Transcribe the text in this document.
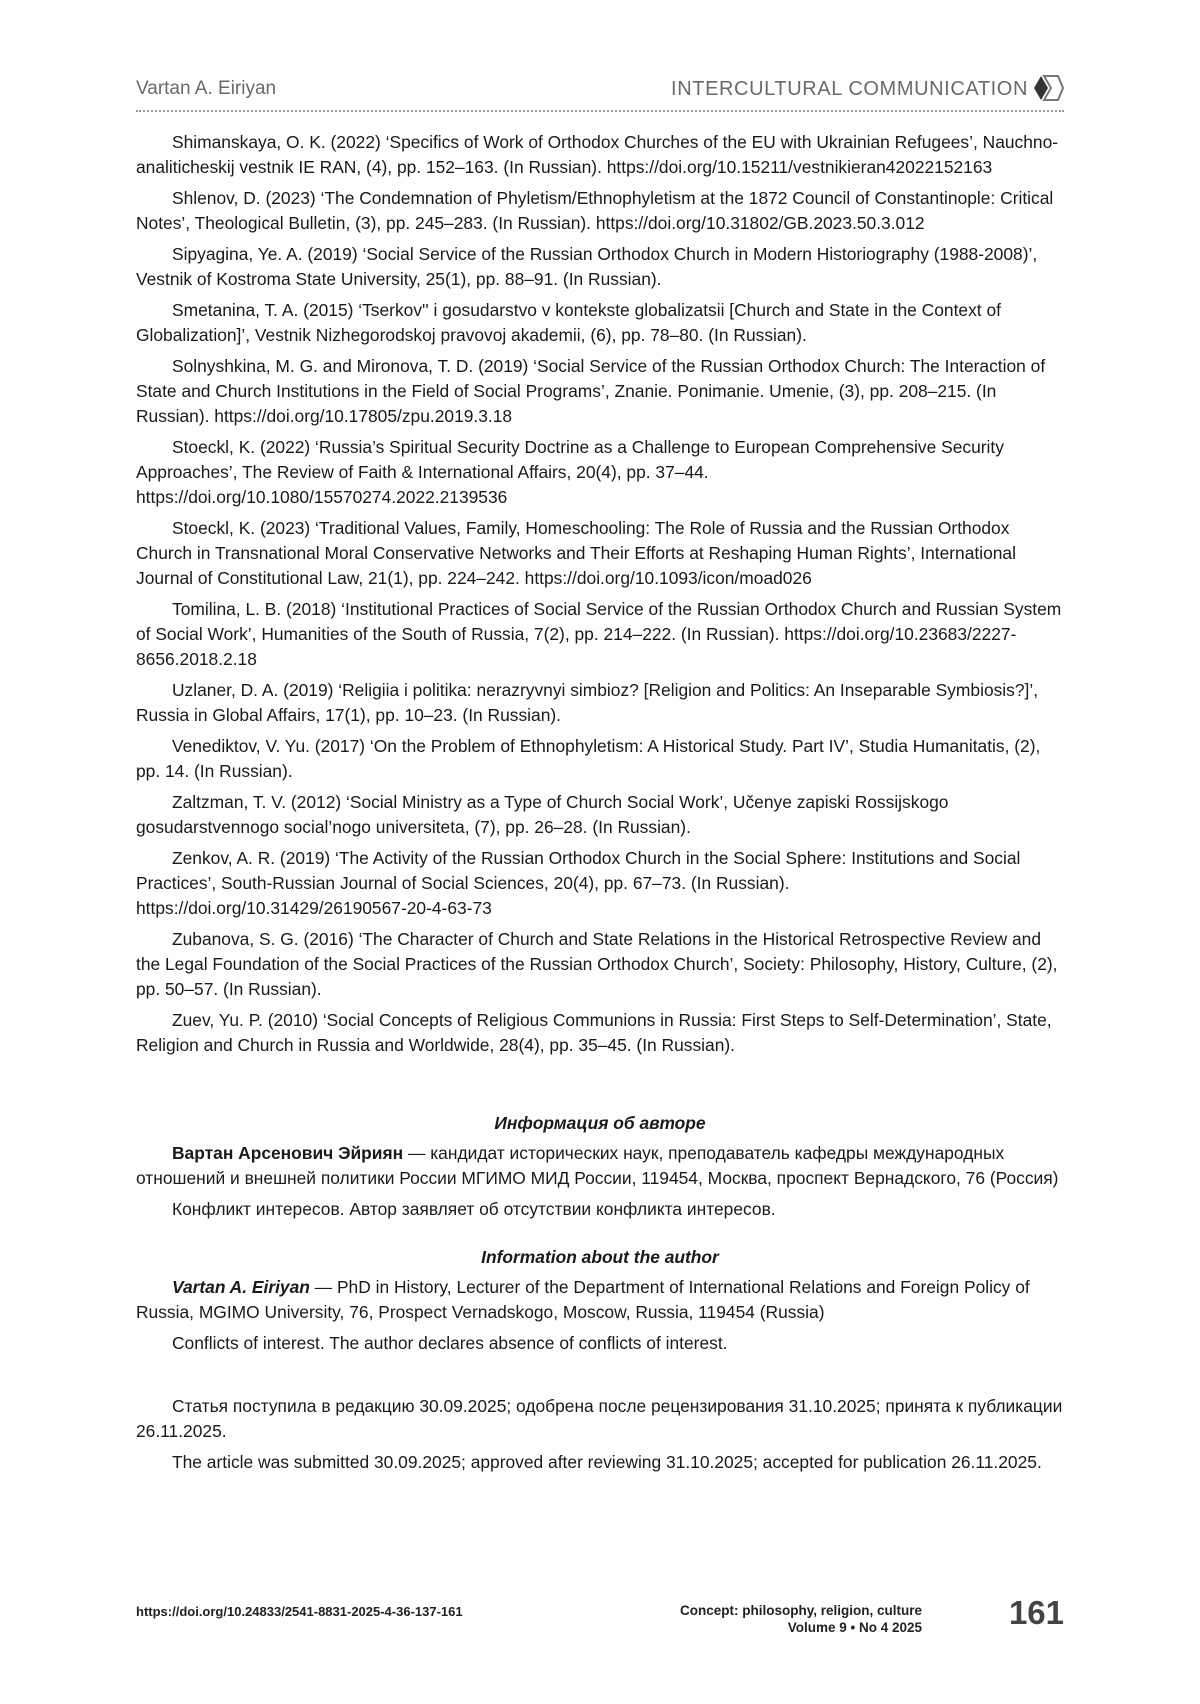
Vartan A. Eiriyan	INTERCULTURAL COMMUNICATION

Shimanskaya, O. K. (2022) ‘Specifics of Work of Orthodox Churches of the EU with Ukrainian Refugees’, Nauchno-analiticheskij vestnik IE RAN, (4), pp. 152–163. (In Russian). https://doi.org/10.15211/vestnikieran42022152163

Shlenov, D. (2023) ‘The Condemnation of Phyletism/Ethnophyletism at the 1872 Council of Constantinople: Critical Notes’, Theological Bulletin, (3), pp. 245–283. (In Russian). https://doi.org/10.31802/GB.2023.50.3.012

Sipyagina, Ye. A. (2019) ‘Social Service of the Russian Orthodox Church in Modern Historiography (1988-2008)’, Vestnik of Kostroma State University, 25(1), pp. 88–91. (In Russian).

Smetanina, T. A. (2015) ‘Tserkov'' i gosudarstvo v kontekste globalizatsii [Church and State in the Context of Globalization]’, Vestnik Nizhegorodskoj pravovoj akademii, (6), pp. 78–80. (In Russian).

Solnyshkina, M. G. and Mironova, T. D. (2019) ‘Social Service of the Russian Orthodox Church: The Interaction of State and Church Institutions in the Field of Social Programs’, Znanie. Ponimanie. Umenie, (3), pp. 208–215. (In Russian). https://doi.org/10.17805/zpu.2019.3.18

Stoeckl, K. (2022) ‘Russia’s Spiritual Security Doctrine as a Challenge to European Comprehensive Security Approaches’, The Review of Faith & International Affairs, 20(4), pp. 37–44. https://doi.org/10.1080/15570274.2022.2139536

Stoeckl, K. (2023) ‘Traditional Values, Family, Homeschooling: The Role of Russia and the Russian Orthodox Church in Transnational Moral Conservative Networks and Their Efforts at Reshaping Human Rights’, International Journal of Constitutional Law, 21(1), pp. 224–242. https://doi.org/10.1093/icon/moad026

Tomilina, L. B. (2018) ‘Institutional Practices of Social Service of the Russian Orthodox Church and Russian System of Social Work’, Humanities of the South of Russia, 7(2), pp. 214–222. (In Russian). https://doi.org/10.23683/2227-8656.2018.2.18

Uzlaner, D. A. (2019) ‘Religiia i politika: nerazryvnyi simbioz? [Religion and Politics: An Inseparable Symbiosis?]’, Russia in Global Affairs, 17(1), pp. 10–23. (In Russian).

Venediktov, V. Yu. (2017) ‘On the Problem of Ethnophyletism: A Historical Study. Part IV’, Studia Humanitatis, (2), pp. 14. (In Russian).

Zaltzman, T. V. (2012) ‘Social Ministry as a Type of Church Social Work’, Učenye zapiski Rossijskogo gosudarstvennogo social’nogo universiteta, (7), pp. 26–28. (In Russian).

Zenkov, A. R. (2019) ‘The Activity of the Russian Orthodox Church in the Social Sphere: Institutions and Social Practices’, South-Russian Journal of Social Sciences, 20(4), pp. 67–73. (In Russian). https://doi.org/10.31429/26190567-20-4-63-73

Zubanova, S. G. (2016) ‘The Character of Church and State Relations in the Historical Retrospective Review and the Legal Foundation of the Social Practices of the Russian Orthodox Church’, Society: Philosophy, History, Culture, (2), pp. 50–57. (In Russian).

Zuev, Yu. P. (2010) ‘Social Concepts of Religious Communions in Russia: First Steps to Self-Determination’, State, Religion and Church in Russia and Worldwide, 28(4), pp. 35–45. (In Russian).

Информация об авторе

Вартан Арсенович Эйриян — кандидат исторических наук, преподаватель кафедры международных отношений и внешней политики России МГИМО МИД России, 119454, Москва, проспект Вернадского, 76 (Россия)

Конфликт интересов. Автор заявляет об отсутствии конфликта интересов.

Information about the author

Vartan A. Eiriyan — PhD in History, Lecturer of the Department of International Relations and Foreign Policy of Russia, MGIMO University, 76, Prospect Vernadskogo, Moscow, Russia, 119454 (Russia)

Conflicts of interest. The author declares absence of conflicts of interest.

Статья поступила в редакцию 30.09.2025; одобрена после рецензирования 31.10.2025; принята к публикации 26.11.2025.

The article was submitted 30.09.2025; approved after reviewing 31.10.2025; accepted for publication 26.11.2025.

https://doi.org/10.24833/2541-8831-2025-4-36-137-161	Concept: philosophy, religion, culture
Volume 9 • No 4 2025	161
